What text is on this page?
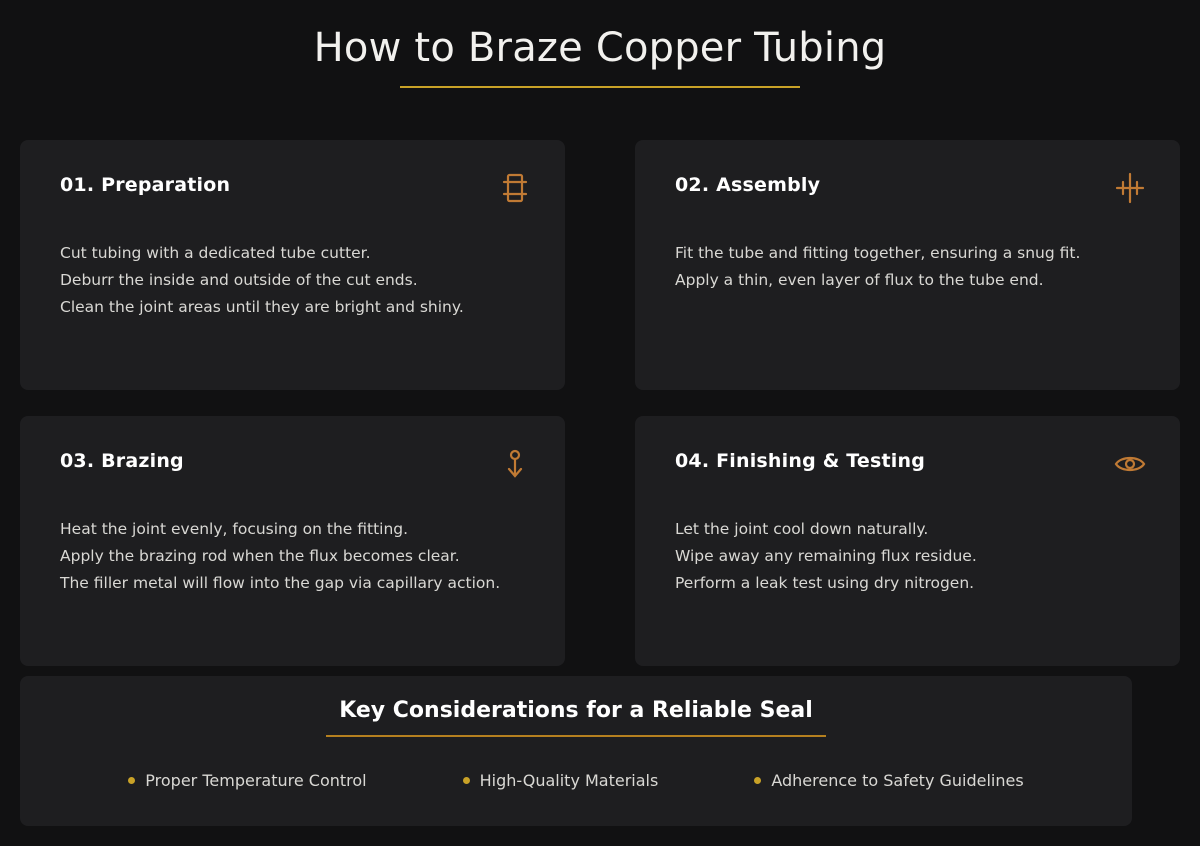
How to Braze Copper Tubing
01. Preparation
Cut tubing with a dedicated tube cutter.
Deburr the inside and outside of the cut ends.
Clean the joint areas until they are bright and shiny.
02. Assembly
Fit the tube and fitting together, ensuring a snug fit.
Apply a thin, even layer of flux to the tube end.
03. Brazing
Heat the joint evenly, focusing on the fitting.
Apply the brazing rod when the flux becomes clear.
The filler metal will flow into the gap via capillary action.
04. Finishing & Testing
Let the joint cool down naturally.
Wipe away any remaining flux residue.
Perform a leak test using dry nitrogen.
Key Considerations for a Reliable Seal
Proper Temperature Control	High-Quality Materials	Adherence to Safety Guidelines
